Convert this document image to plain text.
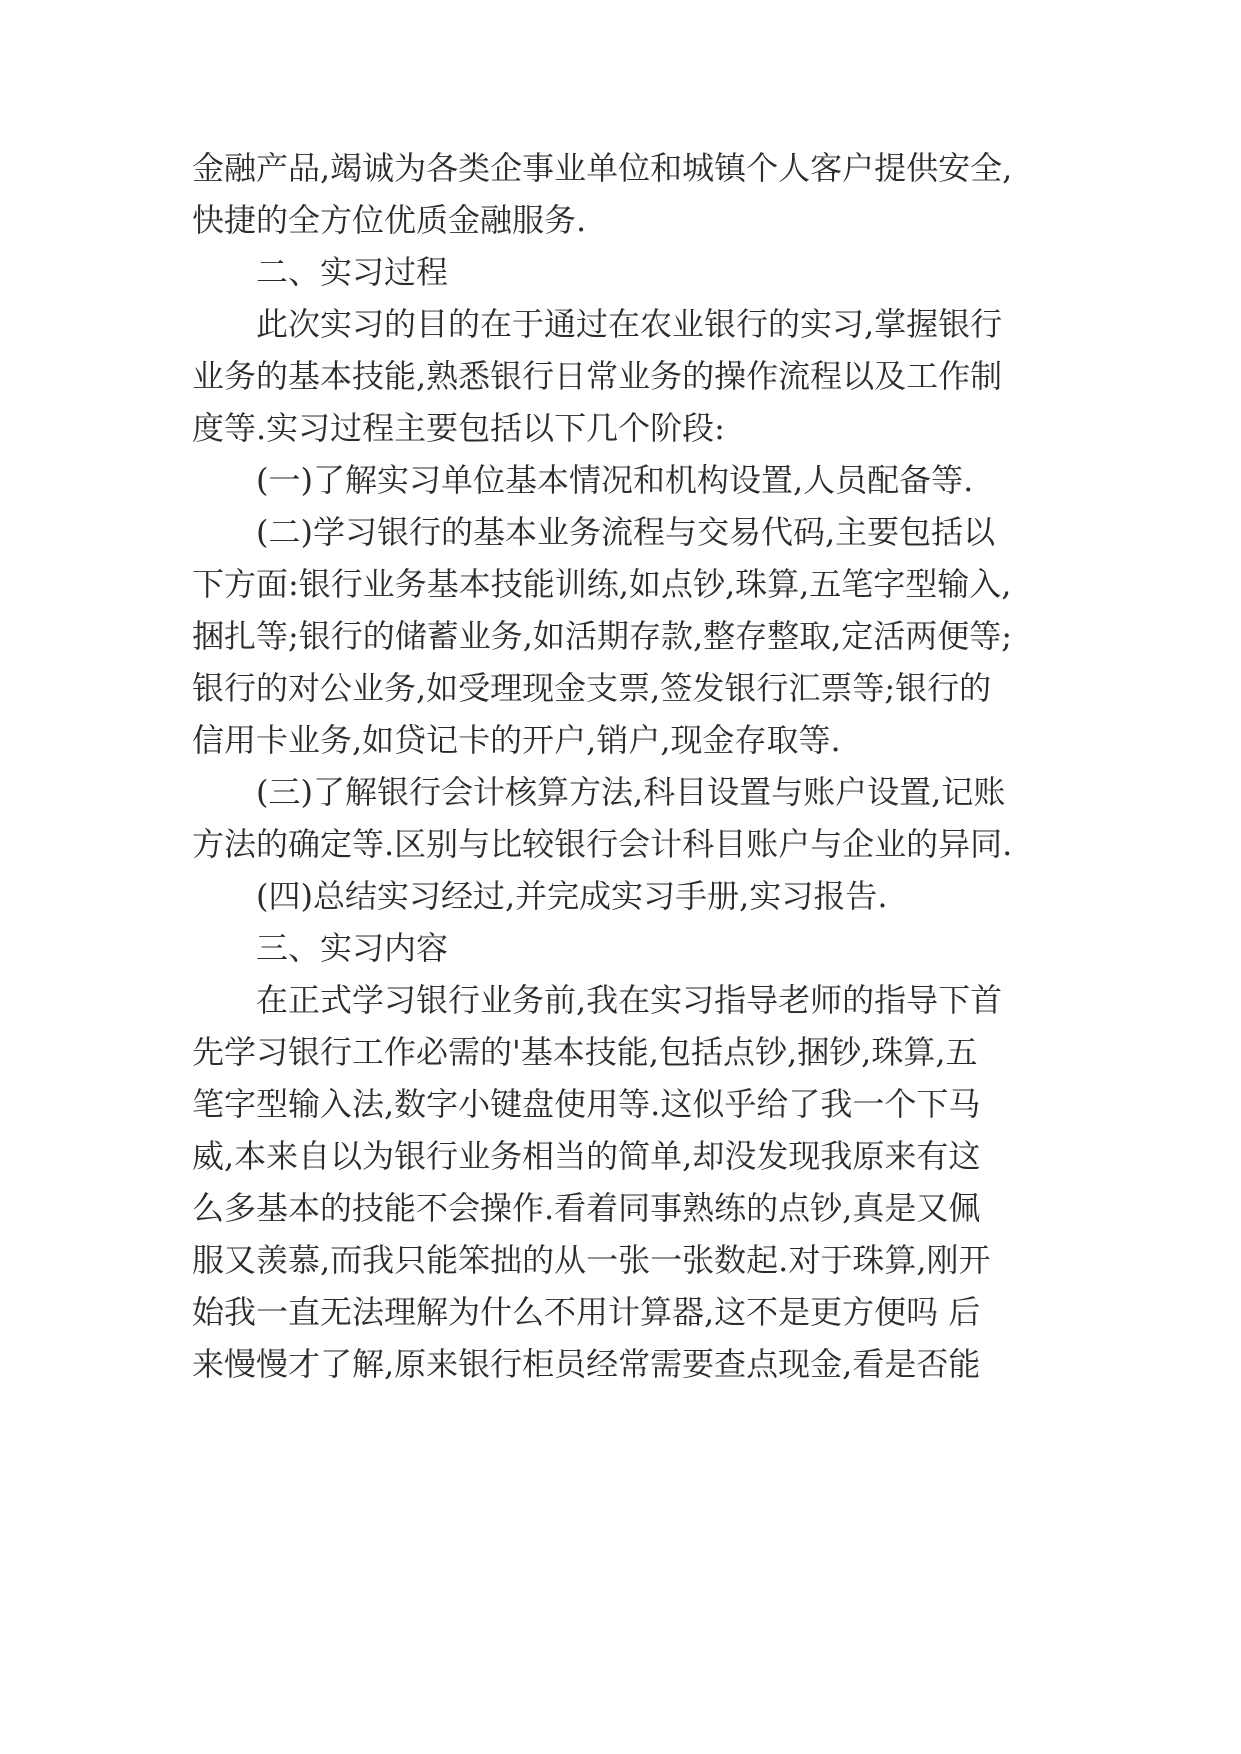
金融产品,竭诚为各类企事业单位和城镇个人客户提供安全,

快捷的全方位优质金融服务.

二、实习过程

此次实习的目的在于通过在农业银行的实习,掌握银行

业务的基本技能,熟悉银行日常业务的操作流程以及工作制

度等.实习过程主要包括以下几个阶段:

(一)了解实习单位基本情况和机构设置,人员配备等.

(二)学习银行的基本业务流程与交易代码,主要包括以

下方面:银行业务基本技能训练,如点钞,珠算,五笔字型输入,

捆扎等;银行的储蓄业务,如活期存款,整存整取,定活两便等;

银行的对公业务,如受理现金支票,签发银行汇票等;银行的

信用卡业务,如贷记卡的开户,销户,现金存取等.

(三)了解银行会计核算方法,科目设置与账户设置,记账

方法的确定等.区别与比较银行会计科目账户与企业的异同.

(四)总结实习经过,并完成实习手册,实习报告.

三、实习内容

在正式学习银行业务前,我在实习指导老师的指导下首

先学习银行工作必需的'基本技能,包括点钞,捆钞,珠算,五

笔字型输入法,数字小键盘使用等.这似乎给了我一个下马

威,本来自以为银行业务相当的简单,却没发现我原来有这

么多基本的技能不会操作.看着同事熟练的点钞,真是又佩

服又羡慕,而我只能笨拙的从一张一张数起.对于珠算,刚开

始我一直无法理解为什么不用计算器,这不是更方便吗 后

来慢慢才了解,原来银行柜员经常需要查点现金,看是否能
